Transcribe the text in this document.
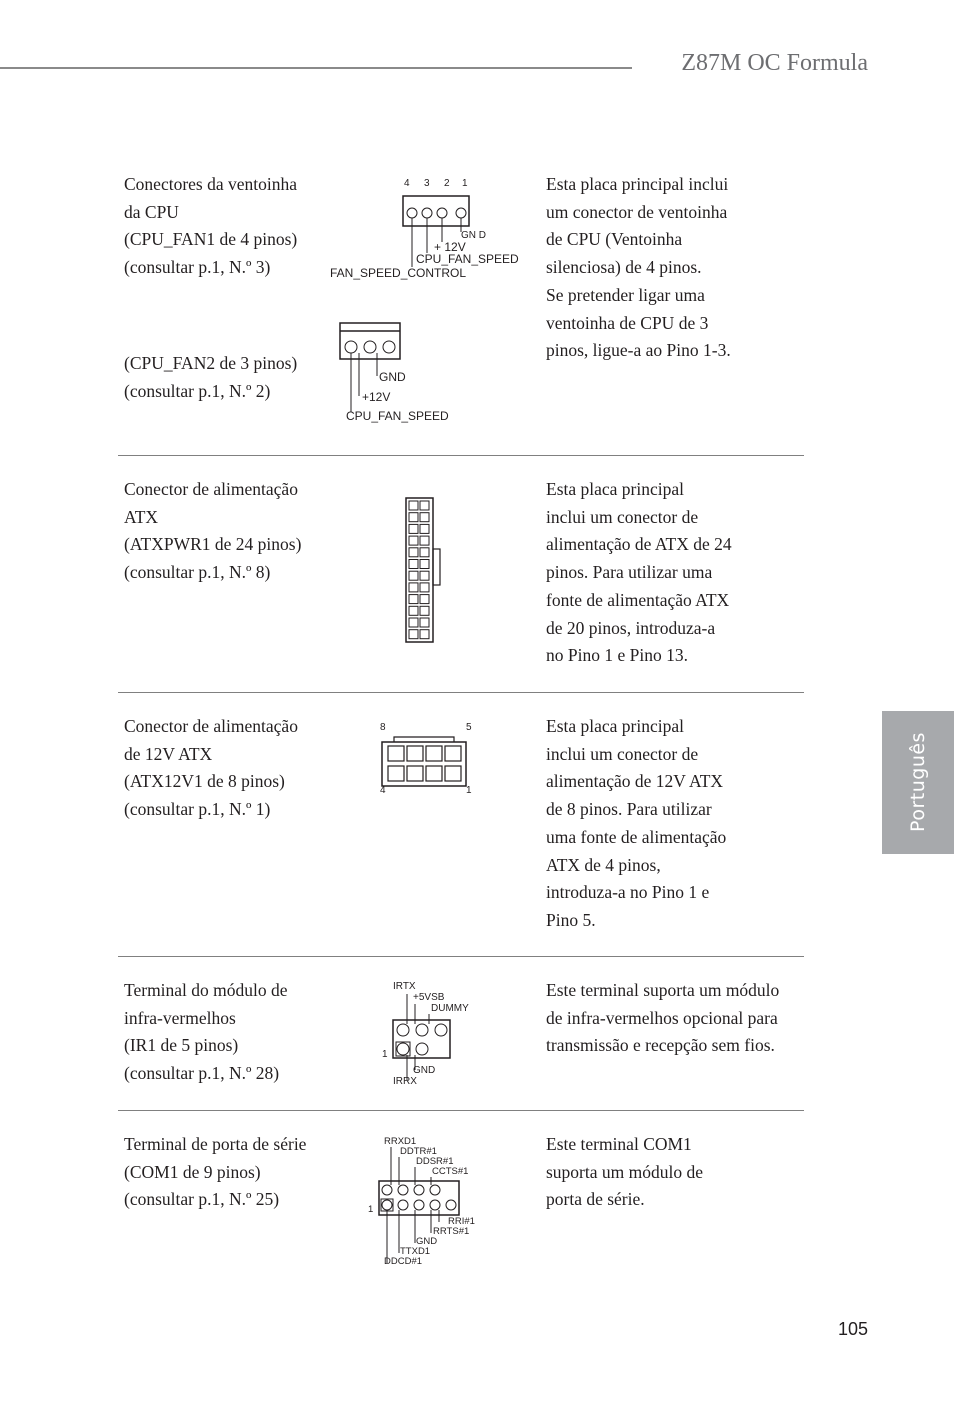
Z87M OC Formula
Português
Conectores da ventoinha
da CPU
(CPU_FAN1 de 4 pinos)
(consultar p.1, N.º 3)
(CPU_FAN2 de 3 pinos)
(consultar p.1, N.º 2)
Esta placa principal inclui
um conector de ventoinha
de CPU (Ventoinha
silenciosa) de 4 pinos.
Se pretender ligar uma
ventoinha de CPU de 3
pinos, ligue-a ao Pino 1-3.
4 3 2 1
GN D
+ 12V
CPU_FAN_SPEED
FAN_SPEED_CONTROL
GND
+12V
CPU_FAN_SPEED
Conector de alimentação
ATX
(ATXPWR1 de 24 pinos)
(consultar p.1, N.º 8)
Esta placa principal
inclui um conector de
alimentação de ATX de 24
pinos. Para utilizar uma
fonte de alimentação ATX
de 20 pinos, introduza-a
no Pino 1 e Pino 13.
Conector de alimentação
de 12V ATX
(ATX12V1 de 8 pinos)
(consultar p.1, N.º 1)
Esta placa principal
inclui um conector de
alimentação de 12V ATX
de 8 pinos. Para utilizar
uma fonte de alimentação
ATX de 4 pinos,
introduza-a no Pino 1 e
Pino 5.
8	5
4	1
Terminal do módulo de
infra-vermelhos
(IR1 de 5 pinos)
(consultar p.1, N.º 28)
Este terminal suporta um módulo
de infra-vermelhos opcional para
transmissão e recepção sem fios.
IRTX
+5VSB
DUMMY
1
GND
IRRX
Terminal de porta de série
(COM1 de 9 pinos)
(consultar p.1, N.º 25)
Este terminal COM1
suporta um módulo de
porta de série.
RRXD1
DDTR#1
DDSR#1
CCTS#1
1
RRI#1
RRTS#1
GND
TTXD1
DDCD#1
105
